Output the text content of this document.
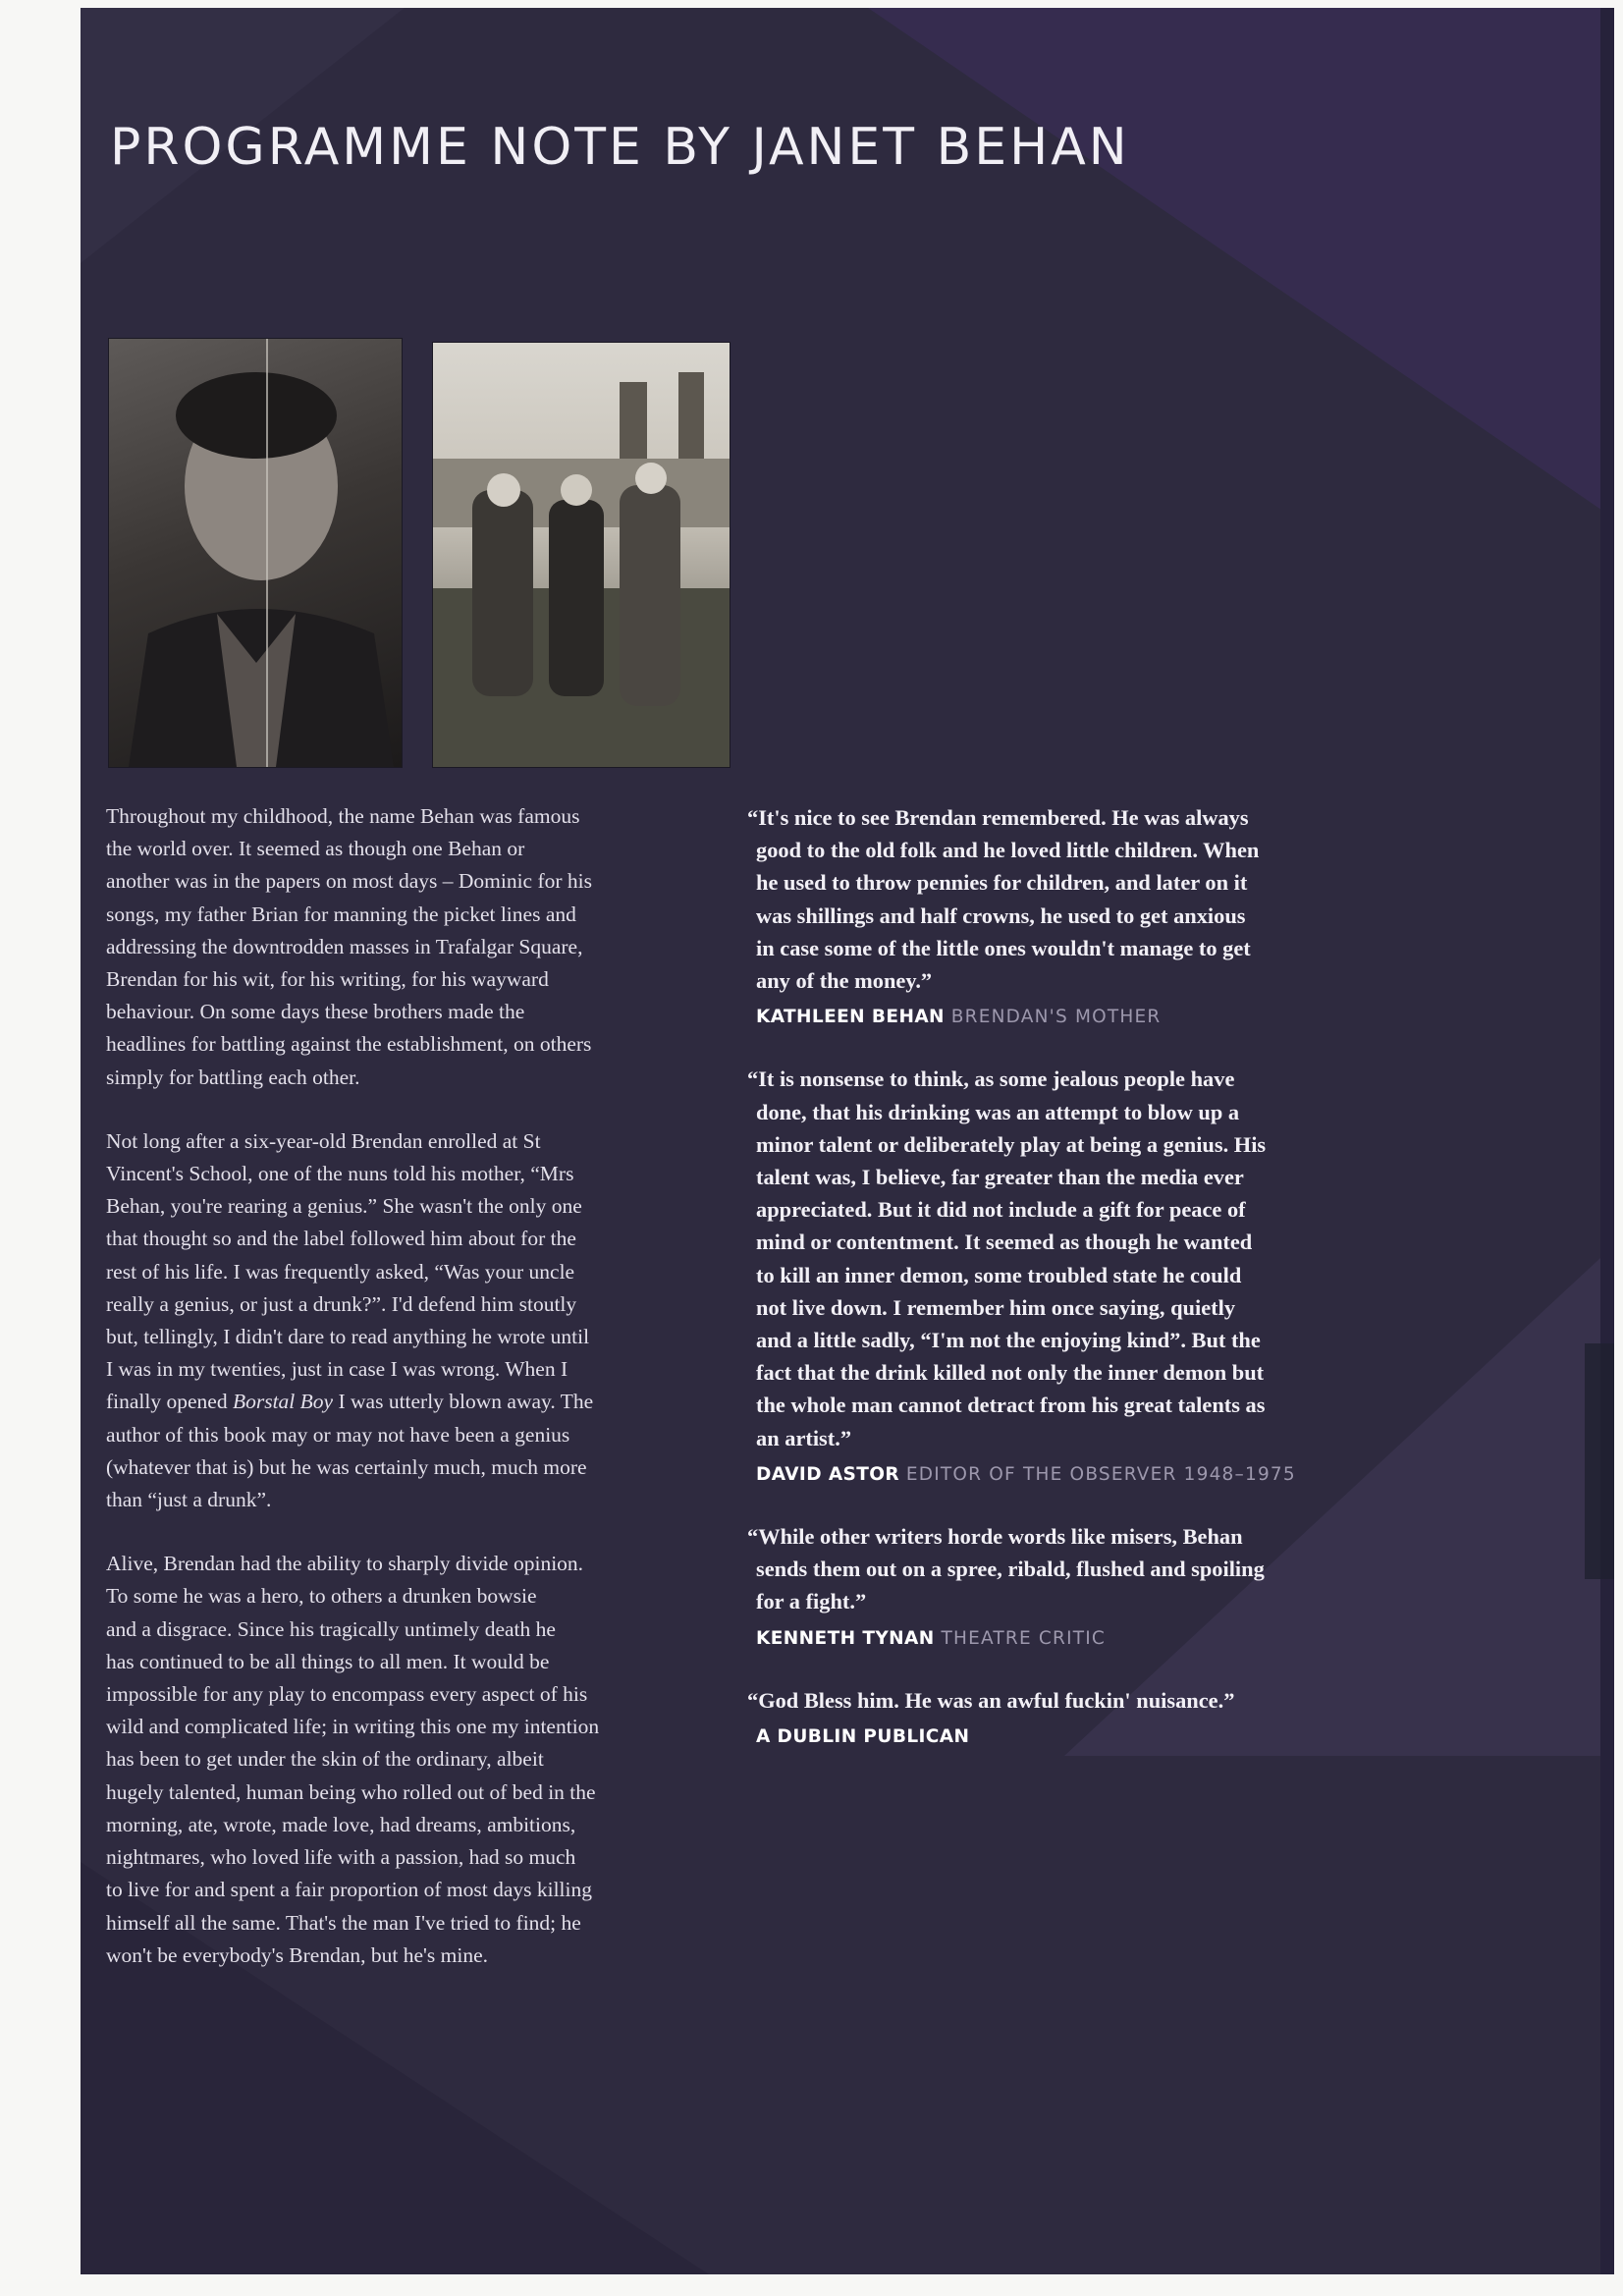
PROGRAMME NOTE BY JANET BEHAN

Throughout my childhood, the name Behan was famous
the world over. It seemed as though one Behan or
another was in the papers on most days – Dominic for his
songs, my father Brian for manning the picket lines and
addressing the downtrodden masses in Trafalgar Square,
Brendan for his wit, for his writing, for his wayward
behaviour. On some days these brothers made the
headlines for battling against the establishment, on others
simply for battling each other.

Not long after a six-year-old Brendan enrolled at St
Vincent's School, one of the nuns told his mother, “Mrs
Behan, you're rearing a genius.” She wasn't the only one
that thought so and the label followed him about for the
rest of his life. I was frequently asked, “Was your uncle
really a genius, or just a drunk?”. I'd defend him stoutly
but, tellingly, I didn't dare to read anything he wrote until
I was in my twenties, just in case I was wrong. When I
finally opened Borstal Boy I was utterly blown away. The
author of this book may or may not have been a genius
(whatever that is) but he was certainly much, much more
than “just a drunk”.

Alive, Brendan had the ability to sharply divide opinion.
To some he was a hero, to others a drunken bowsie
and a disgrace. Since his tragically untimely death he
has continued to be all things to all men. It would be
impossible for any play to encompass every aspect of his
wild and complicated life; in writing this one my intention
has been to get under the skin of the ordinary, albeit
hugely talented, human being who rolled out of bed in the
morning, ate, wrote, made love, had dreams, ambitions,
nightmares, who loved life with a passion, had so much
to live for and spent a fair proportion of most days killing
himself all the same. That's the man I've tried to find; he
won't be everybody's Brendan, but he's mine.

“It's nice to see Brendan remembered. He was always
good to the old folk and he loved little children. When
he used to throw pennies for children, and later on it
was shillings and half crowns, he used to get anxious
in case some of the little ones wouldn't manage to get
any of the money.”

KATHLEEN BEHAN BRENDAN'S MOTHER

“It is nonsense to think, as some jealous people have
done, that his drinking was an attempt to blow up a
minor talent or deliberately play at being a genius. His
talent was, I believe, far greater than the media ever
appreciated. But it did not include a gift for peace of
mind or contentment. It seemed as though he wanted
to kill an inner demon, some troubled state he could
not live down. I remember him once saying, quietly
and a little sadly, “I'm not the enjoying kind”. But the
fact that the drink killed not only the inner demon but
the whole man cannot detract from his great talents as
an artist.”

DAVID ASTOR EDITOR OF THE OBSERVER 1948–1975

“While other writers horde words like misers, Behan
sends them out on a spree, ribald, flushed and spoiling
for a fight.”

KENNETH TYNAN THEATRE CRITIC

“God Bless him. He was an awful fuckin' nuisance.”

A DUBLIN PUBLICAN
